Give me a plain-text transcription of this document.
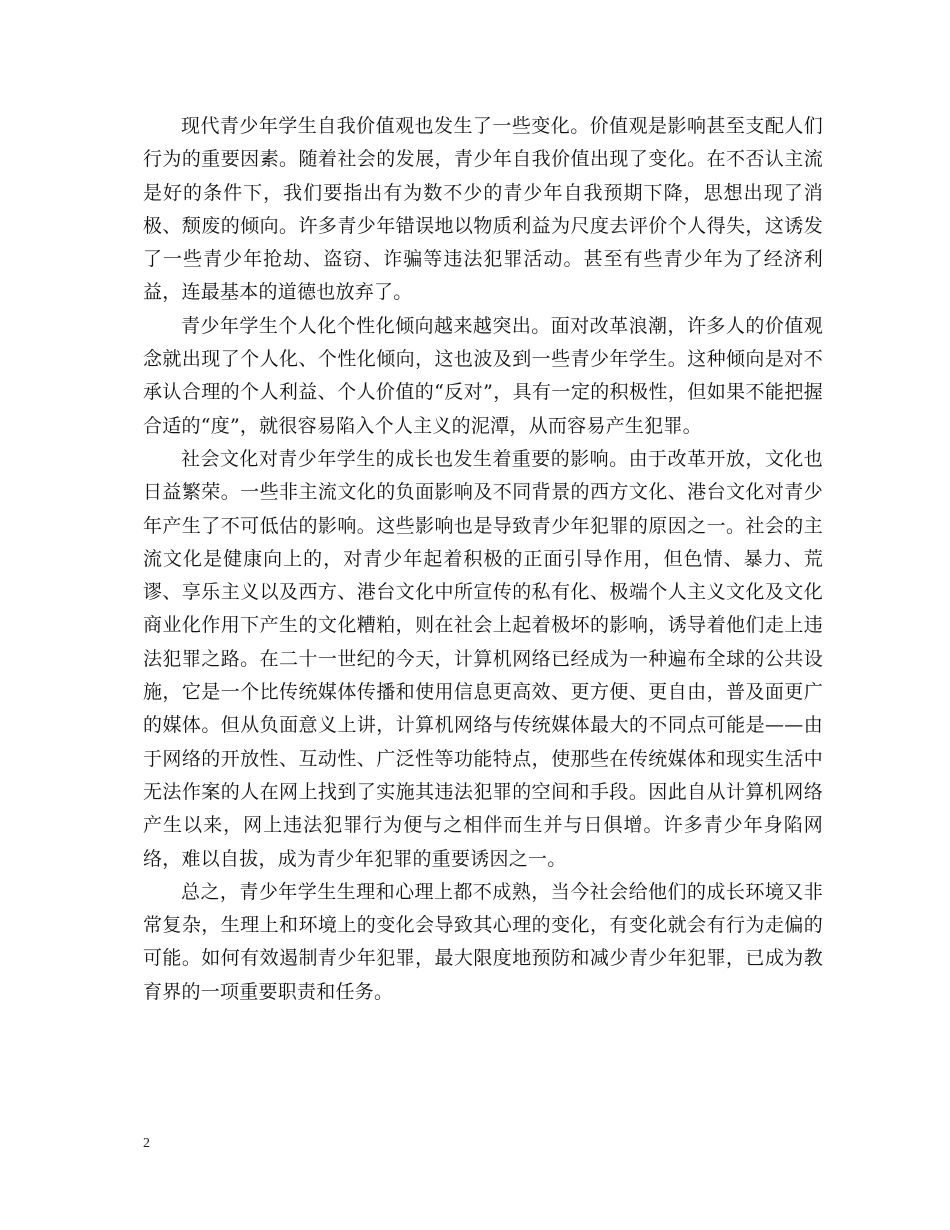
现代青少年学生自我价值观也发生了一些变化。价值观是影响甚至支配人们行为的重要因素。随着社会的发展，青少年自我价值出现了变化。在不否认主流是好的条件下，我们要指出有为数不少的青少年自我预期下降，思想出现了消极、颓废的倾向。许多青少年错误地以物质利益为尺度去评价个人得失，这诱发了一些青少年抢劫、盗窃、诈骗等违法犯罪活动。甚至有些青少年为了经济利益，连最基本的道德也放弃了。

青少年学生个人化个性化倾向越来越突出。面对改革浪潮，许多人的价值观念就出现了个人化、个性化倾向，这也波及到一些青少年学生。这种倾向是对不承认合理的个人利益、个人价值的“反对”，具有一定的积极性，但如果不能把握合适的“度”，就很容易陷入个人主义的泥潭，从而容易产生犯罪。

社会文化对青少年学生的成长也发生着重要的影响。由于改革开放，文化也日益繁荣。一些非主流文化的负面影响及不同背景的西方文化、港台文化对青少年产生了不可低估的影响。这些影响也是导致青少年犯罪的原因之一。社会的主流文化是健康向上的，对青少年起着积极的正面引导作用，但色情、暴力、荒谬、享乐主义以及西方、港台文化中所宣传的私有化、极端个人主义文化及文化商业化作用下产生的文化糟粕，则在社会上起着极坏的影响，诱导着他们走上违法犯罪之路。在二十一世纪的今天，计算机网络已经成为一种遍布全球的公共设施，它是一个比传统媒体传播和使用信息更高效、更方便、更自由，普及面更广的媒体。但从负面意义上讲，计算机网络与传统媒体最大的不同点可能是——由于网络的开放性、互动性、广泛性等功能特点，使那些在传统媒体和现实生活中无法作案的人在网上找到了实施其违法犯罪的空间和手段。因此自从计算机网络产生以来，网上违法犯罪行为便与之相伴而生并与日俱增。许多青少年身陷网络，难以自拔，成为青少年犯罪的重要诱因之一。

总之，青少年学生生理和心理上都不成熟，当今社会给他们的成长环境又非常复杂，生理上和环境上的变化会导致其心理的变化，有变化就会有行为走偏的可能。如何有效遏制青少年犯罪，最大限度地预防和减少青少年犯罪，已成为教育界的一项重要职责和任务。

2
